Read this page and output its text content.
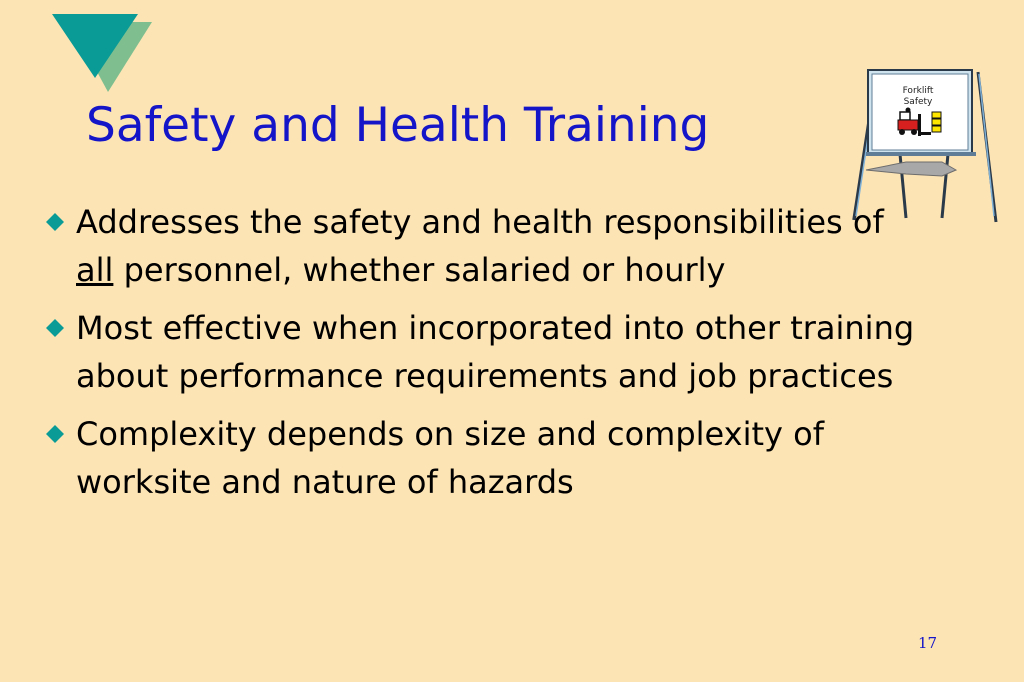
Safety and Health Training
Forklift
Safety
Addresses the safety and health responsibilities of all personnel, whether salaried or hourly
Most effective when incorporated into other training about performance requirements and job practices
Complexity depends on size and complexity of worksite and nature of hazards
17
